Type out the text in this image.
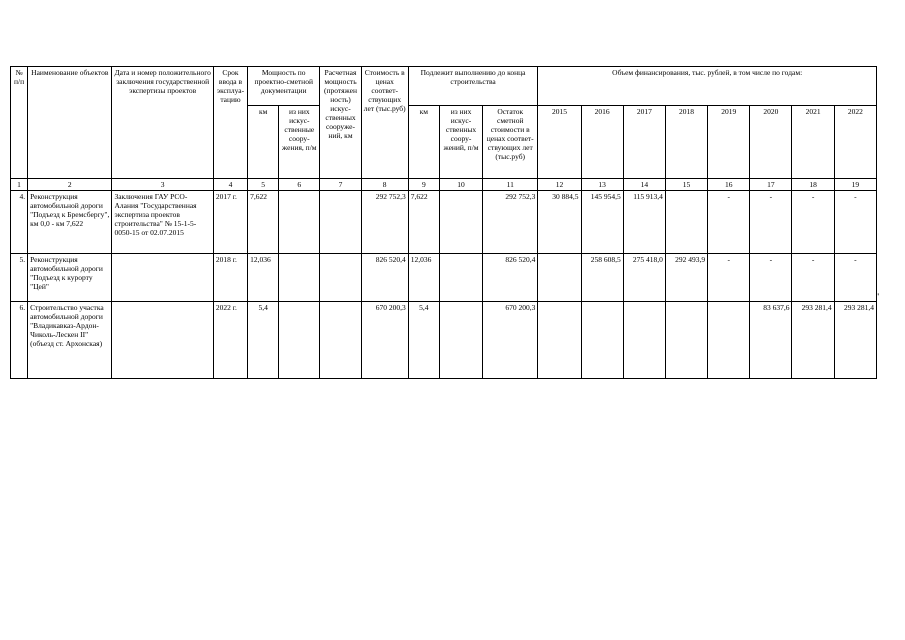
№ п/п	Наименование объектов	Дата и номер положительного заключения государственной экспертизы проектов	Срок ввода в эксплуа-тацию	Мощность по проектно-сметной документации		Расчетная мощность (протяжен ность) искус-ственных сооруже-ний, км	Стоимость в ценах соответ-ствующих лет (тыс.руб)	Подлежит выполнению до конца строительства			Объем финансирования, тыс. рублей, в том числе по годам:							
				км	из них искус-ственные соору-жения, п/м			км	из них искус-ственных соору-жений, п/м	Остаток сметной стоимости в ценах соответ-ствующих лет (тыс.руб)	2015	2016	2017	2018	2019	2020	2021	2022
1	2	3	4	5	6	7	8	9	10	11	12	13	14	15	16	17	18	19
4.	Реконструкция автомобильной дороги "Подъезд к Бремсбергу", км 0,0 - км 7,622	Заключения ГАУ РСО-Алания "Государственная экспертиза проектов строительства" № 15-1-5-0050-15 от 02.07.2015	2017 г.	7,622			292 752,3	7,622		292 752,3	30 884,5	145 954,5	115 913,4		-	-	-	-
5.	Реконструкция автомобильной дороги "Подъезд к курорту "Цей"		2018 г.	12,036			826 520,4	12,036		826 520,4		258 608,5	275 418,0	292 493,9	-	-	-	-
6.	Строительство участка автомобильной дороги "Владикавказ-Ардон-Чиколь-Лескен II" (объезд ст. Архонская)		2022 г.	5,4			670 200,3	5,4		670 200,3						83 637,6	293 281,4	293 281,4
"
